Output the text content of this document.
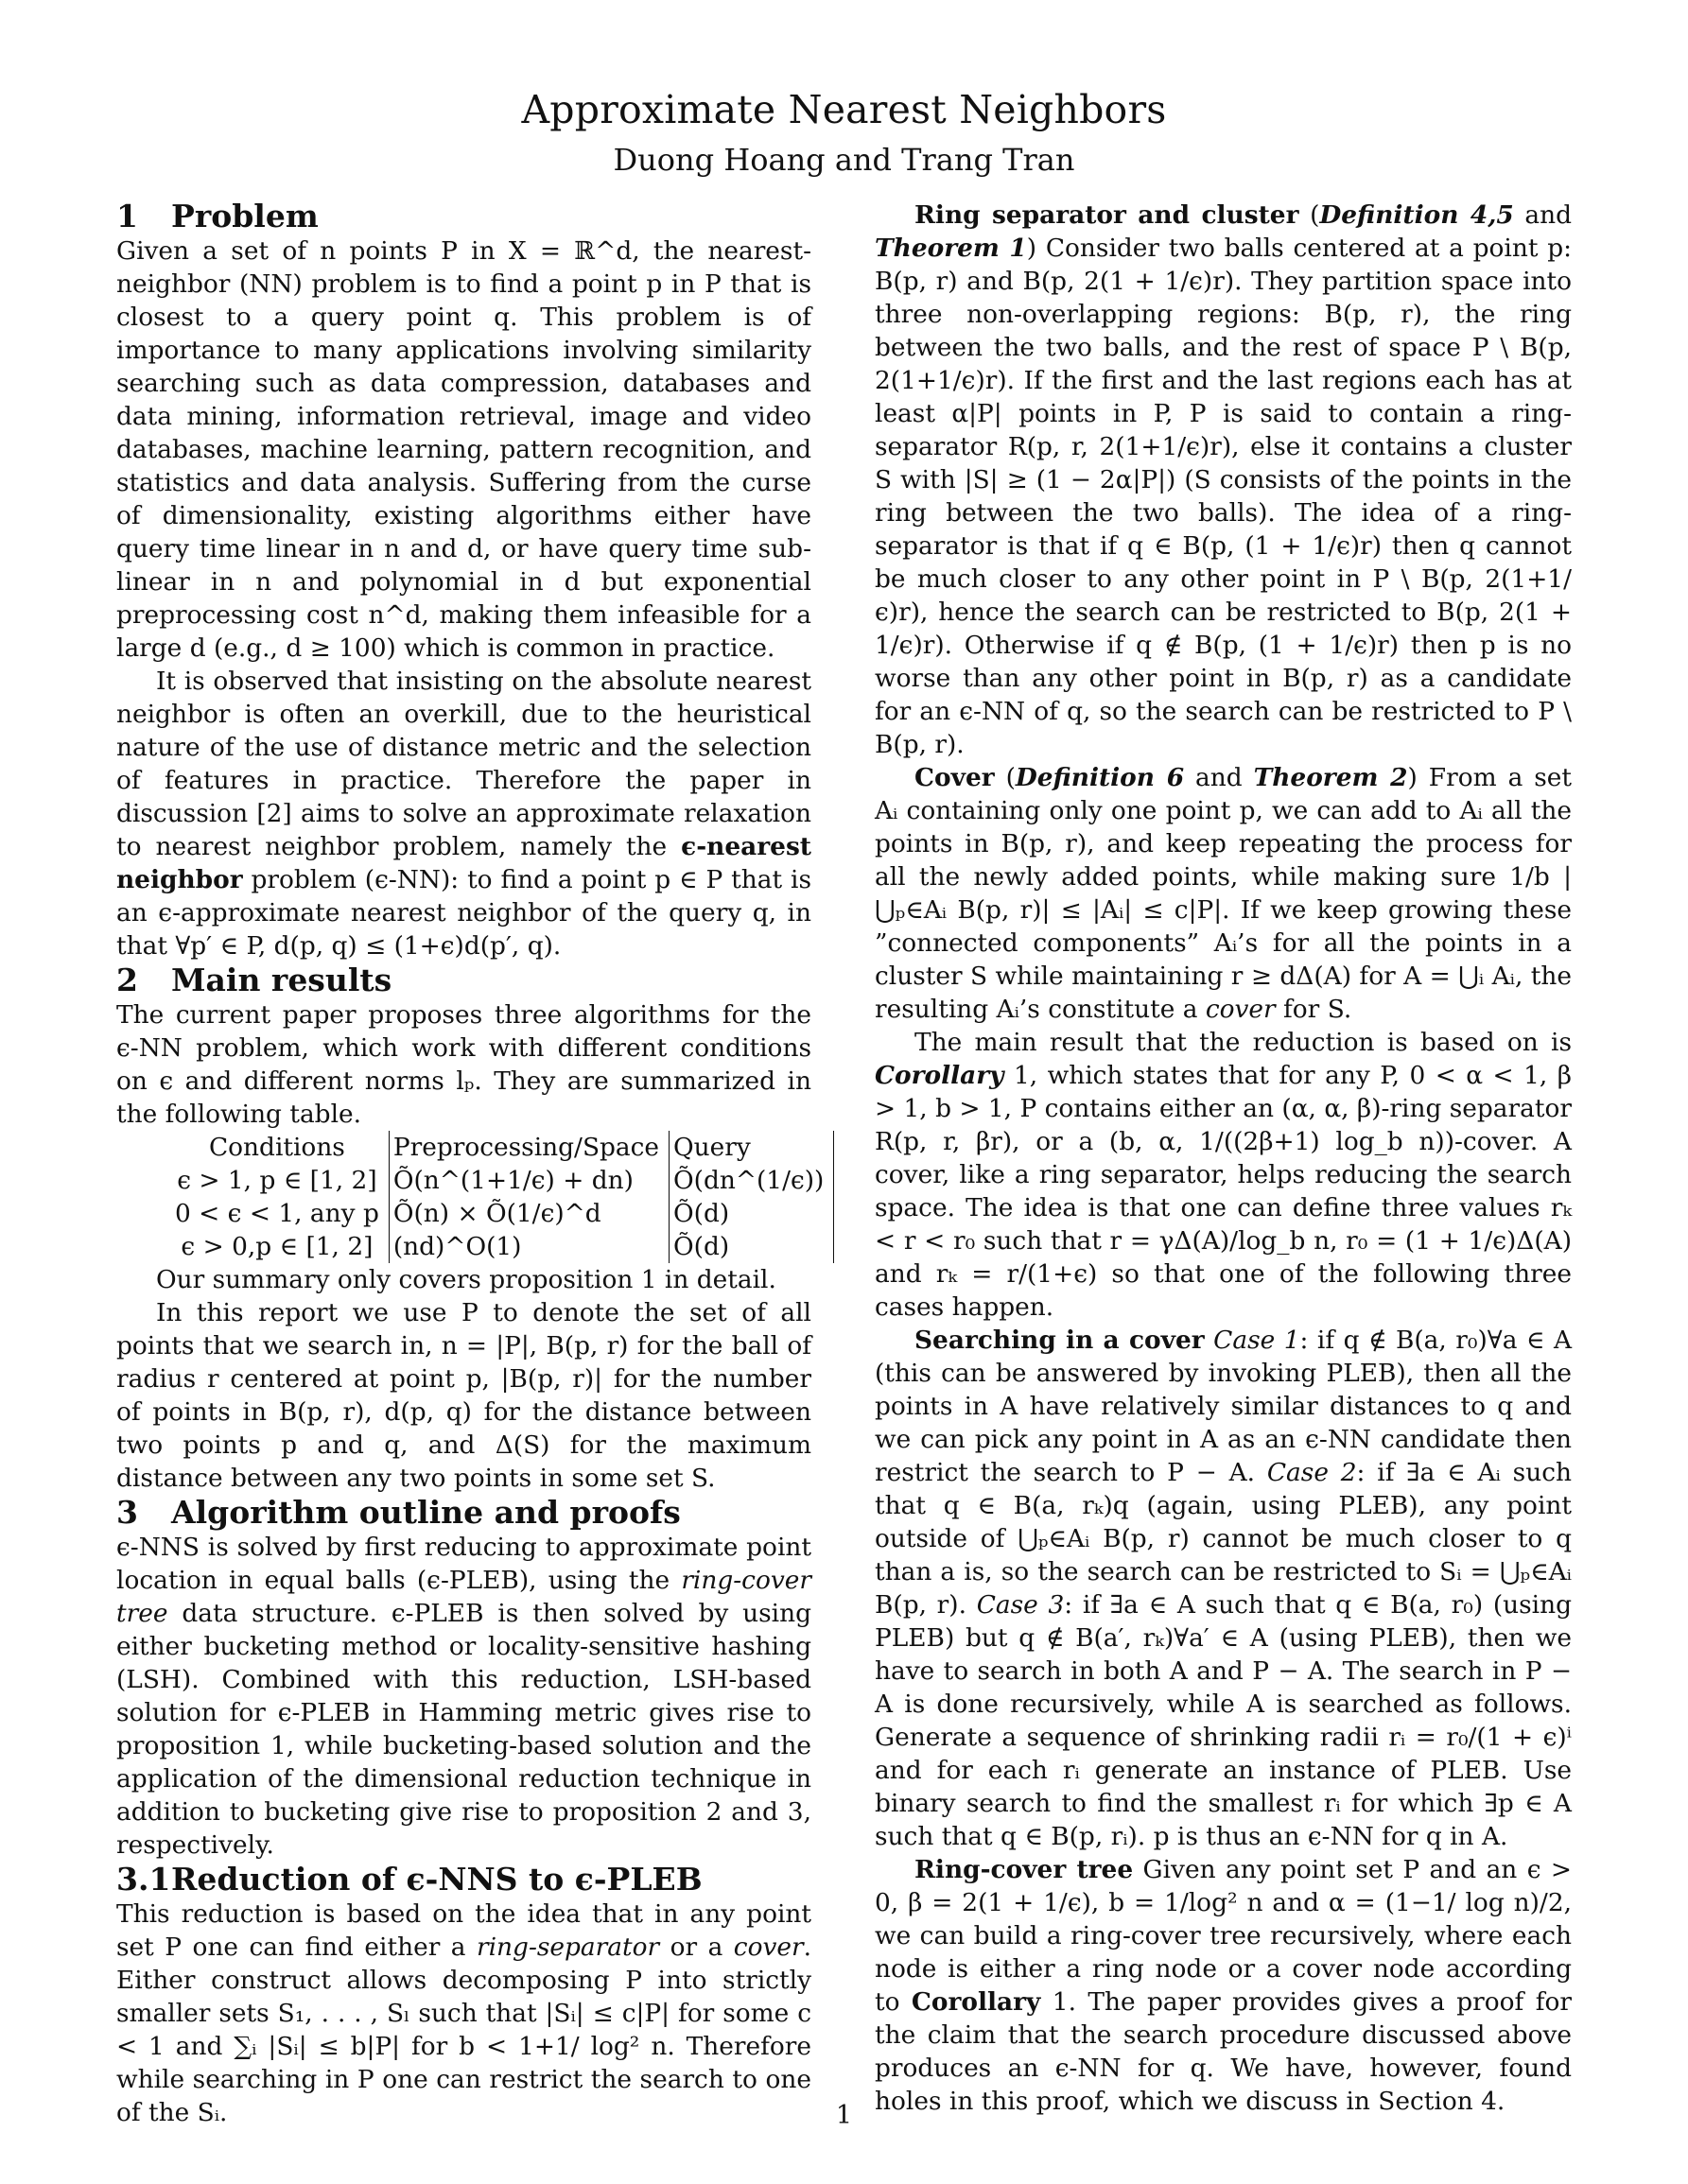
Approximate Nearest Neighbors
Duong Hoang and Trang Tran
1 Problem

Given a set of n points P in X = ℝ^d, the nearest-neighbor (NN) problem is to find a point p in P that is closest to a query point q. This problem is of importance to many applications involving similarity searching such as data compression, databases and data mining, information retrieval, image and video databases, machine learning, pattern recognition, and statistics and data analysis. Suffering from the curse of dimensionality, existing algorithms either have query time linear in n and d, or have query time sub-linear in n and polynomial in d but exponential preprocessing cost n^d, making them infeasible for a large d (e.g., d ≥ 100) which is common in practice.

It is observed that insisting on the absolute nearest neighbor is often an overkill, due to the heuristical nature of the use of distance metric and the selection of features in practice. Therefore the paper in discussion [2] aims to solve an approximate relaxation to nearest neighbor problem, namely the ϵ-nearest neighbor problem (ϵ-NN): to find a point p ∈ P that is an ϵ-approximate nearest neighbor of the query q, in that ∀p′ ∈ P, d(p, q) ≤ (1+ϵ)d(p′, q).

2 Main results

The current paper proposes three algorithms for the ϵ-NN problem, which work with different conditions on ϵ and different norms lₚ. They are summarized in the following table.

Conditions	Preprocessing/Space	Query
ϵ > 1, p ∈ [1, 2]	Õ(n^(1+1/ϵ) + dn)	Õ(dn^(1/ϵ))
0 < ϵ < 1, any p	Õ(n) × Õ(1/ϵ)^d	Õ(d)
ϵ > 0,p ∈ [1, 2]	(nd)^O(1)	Õ(d)

Our summary only covers proposition 1 in detail.

In this report we use P to denote the set of all points that we search in, n = |P|, B(p, r) for the ball of radius r centered at point p, |B(p, r)| for the number of points in B(p, r), d(p, q) for the distance between two points p and q, and Δ(S) for the maximum distance between any two points in some set S.

3 Algorithm outline and proofs

ϵ-NNS is solved by first reducing to approximate point location in equal balls (ϵ-PLEB), using the ring-cover tree data structure. ϵ-PLEB is then solved by using either bucketing method or locality-sensitive hashing (LSH). Combined with this reduction, LSH-based solution for ϵ-PLEB in Hamming metric gives rise to proposition 1, while bucketing-based solution and the application of the dimensional reduction technique in addition to bucketing give rise to proposition 2 and 3, respectively.

3.1Reduction of ϵ-NNS to ϵ-PLEB

This reduction is based on the idea that in any point set P one can find either a ring-separator or a cover. Either construct allows decomposing P into strictly smaller sets S₁, . . . , Sₗ such that |Sᵢ| ≤ c|P| for some c < 1 and ∑ᵢ |Sᵢ| ≤ b|P| for b < 1+1/ log² n. Therefore while searching in P one can restrict the search to one of the Sᵢ.

Ring separator and cluster (Definition 4,5 and Theorem 1) Consider two balls centered at a point p: B(p, r) and B(p, 2(1 + 1/ϵ)r). They partition space into three non-overlapping regions: B(p, r), the ring between the two balls, and the rest of space P \ B(p, 2(1+1/ϵ)r). If the first and the last regions each has at least α|P| points in P, P is said to contain a ring-separator R(p, r, 2(1+1/ϵ)r), else it contains a cluster S with |S| ≥ (1 − 2α|P|) (S consists of the points in the ring between the two balls). The idea of a ring-separator is that if q ∈ B(p, (1 + 1/ϵ)r) then q cannot be much closer to any other point in P \ B(p, 2(1+1/ϵ)r), hence the search can be restricted to B(p, 2(1 + 1/ϵ)r). Otherwise if q ∉ B(p, (1 + 1/ϵ)r) then p is no worse than any other point in B(p, r) as a candidate for an ϵ-NN of q, so the search can be restricted to P \ B(p, r).

Cover (Definition 6 and Theorem 2) From a set Aᵢ containing only one point p, we can add to Aᵢ all the points in B(p, r), and keep repeating the process for all the newly added points, while making sure 1/b |⋃ₚ∈Aᵢ B(p, r)| ≤ |Aᵢ| ≤ c|P|. If we keep growing these ”connected components” Aᵢ’s for all the points in a cluster S while maintaining r ≥ dΔ(A) for A = ⋃ᵢ Aᵢ, the resulting Aᵢ’s constitute a cover for S.

The main result that the reduction is based on is Corollary 1, which states that for any P, 0 < α < 1, β > 1, b > 1, P contains either an (α, α, β)-ring separator R(p, r, βr), or a (b, α, 1/((2β+1) log_b n))-cover. A cover, like a ring separator, helps reducing the search space. The idea is that one can define three values rₖ < r < r₀ such that r = γΔ(A)/log_b n, r₀ = (1 + 1/ϵ)Δ(A) and rₖ = r/(1+ϵ) so that one of the following three cases happen.

Searching in a cover Case 1: if q ∉ B(a, r₀)∀a ∈ A (this can be answered by invoking PLEB), then all the points in A have relatively similar distances to q and we can pick any point in A as an ϵ-NN candidate then restrict the search to P − A. Case 2: if ∃a ∈ Aᵢ such that q ∈ B(a, rₖ)q (again, using PLEB), any point outside of ⋃ₚ∈Aᵢ B(p, r) cannot be much closer to q than a is, so the search can be restricted to Sᵢ = ⋃ₚ∈Aᵢ B(p, r). Case 3: if ∃a ∈ A such that q ∈ B(a, r₀) (using PLEB) but q ∉ B(a′, rₖ)∀a′ ∈ A (using PLEB), then we have to search in both A and P − A. The search in P − A is done recursively, while A is searched as follows. Generate a sequence of shrinking radii rᵢ = r₀/(1 + ϵ)ⁱ and for each rᵢ generate an instance of PLEB. Use binary search to find the smallest rᵢ for which ∃p ∈ A such that q ∈ B(p, rᵢ). p is thus an ϵ-NN for q in A.

Ring-cover tree Given any point set P and an ϵ > 0, β = 2(1 + 1/ϵ), b = 1/log² n and α = (1−1/ log n)/2, we can build a ring-cover tree recursively, where each node is either a ring node or a cover node according to Corollary 1. The paper provides gives a proof for the claim that the search procedure discussed above produces an ϵ-NN for q. We have, however, found holes in this proof, which we discuss in Section 4.

1
